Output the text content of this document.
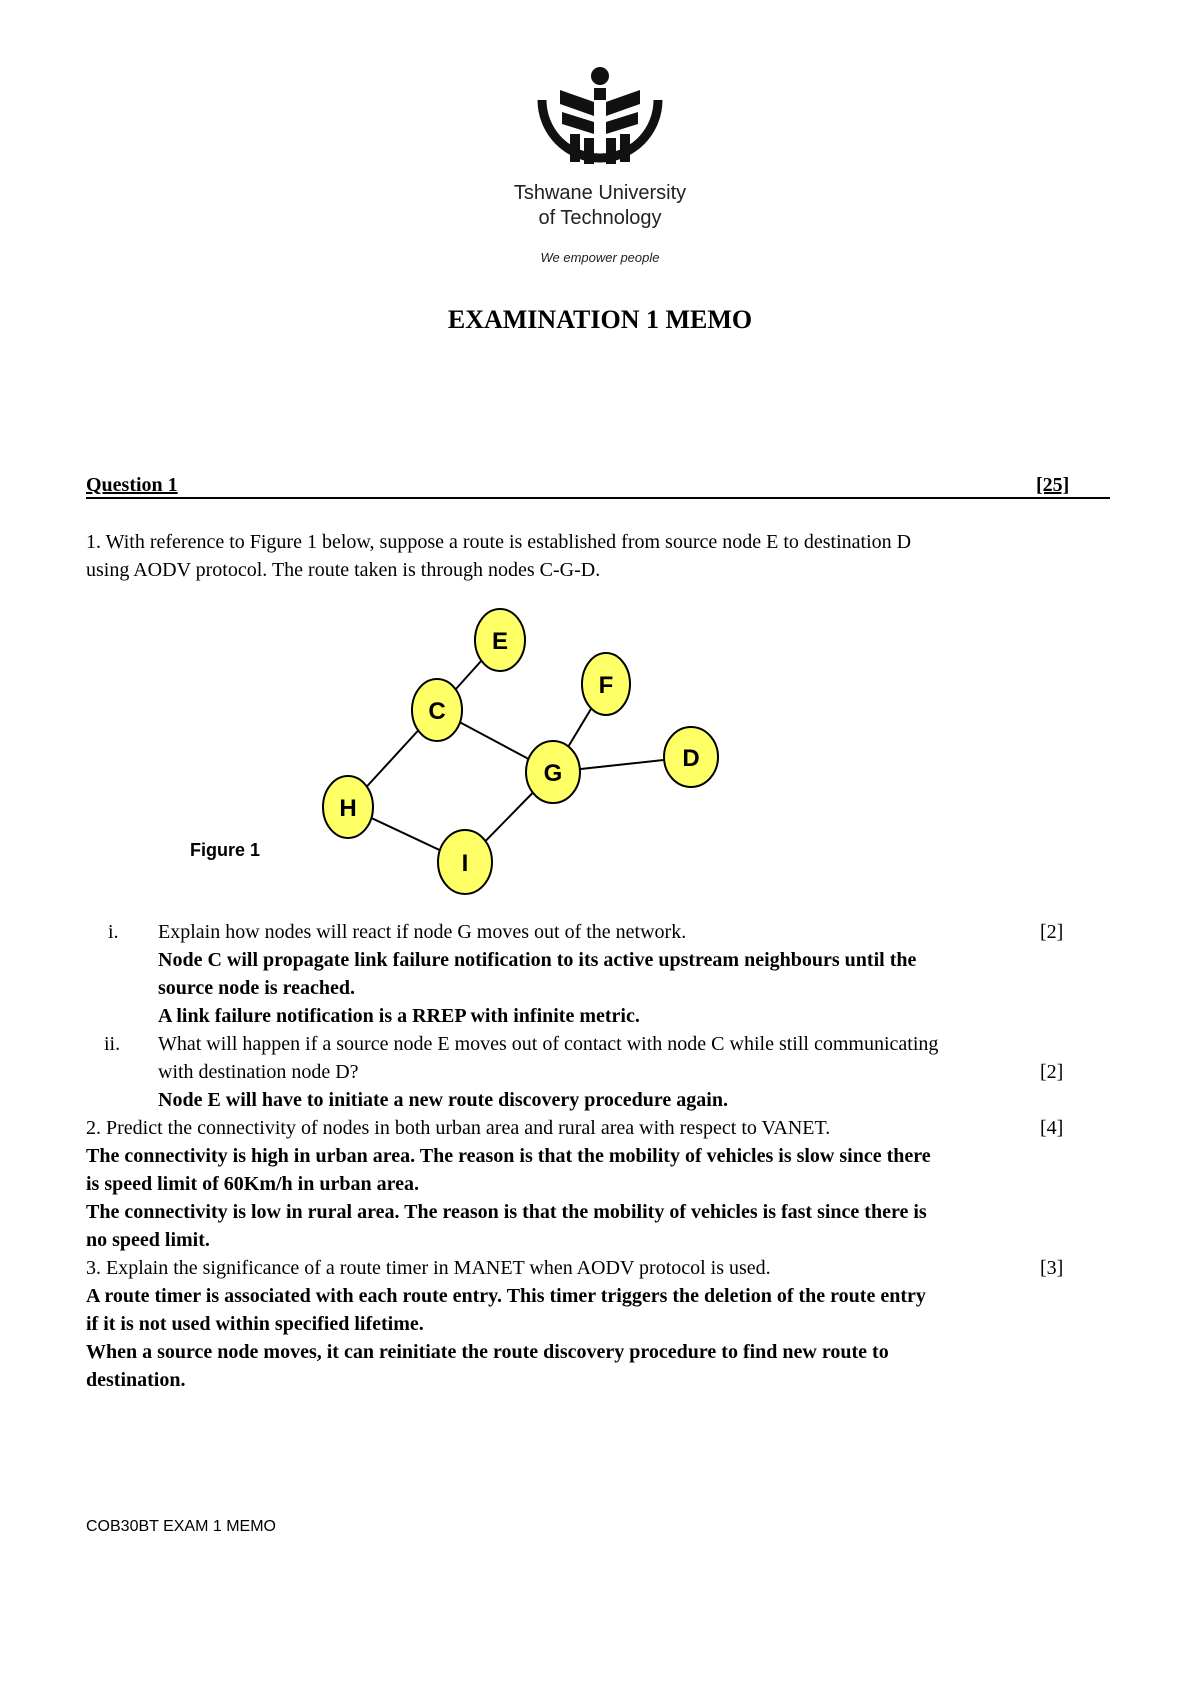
Tshwane University
of Technology
We empower people
EXAMINATION 1 MEMO
Question 1	[25]
1. With reference to Figure 1 below, suppose a route is established from source node E to destination D
using AODV protocol. The route taken is through nodes C-G-D.
E
F
C
D
G
H
I
Figure 1
i. Explain how nodes will react if node G moves out of the network.	[2]
Node C will propagate link failure notification to its active upstream neighbours until the
source node is reached.
A link failure notification is a RREP with infinite metric.
ii. What will happen if a source node E moves out of contact with node C while still communicating
with destination node D?	[2]
Node E will have to initiate a new route discovery procedure again.
2. Predict the connectivity of nodes in both urban area and rural area with respect to VANET.	[4]
The connectivity is high in urban area. The reason is that the mobility of vehicles is slow since there
is speed limit of 60Km/h in urban area.
The connectivity is low in rural area. The reason is that the mobility of vehicles is fast since there is
no speed limit.
3. Explain the significance of a route timer in MANET when AODV protocol is used.	[3]
A route timer is associated with each route entry. This timer triggers the deletion of the route entry
if it is not used within specified lifetime.
When a source node moves, it can reinitiate the route discovery procedure to find new route to
destination.
COB30BT EXAM 1 MEMO
